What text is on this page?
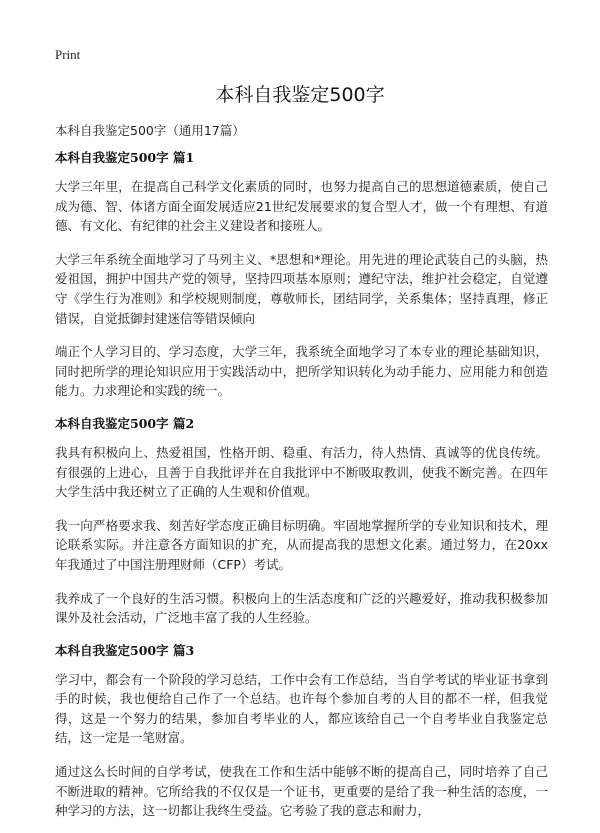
Print
本科自我鉴定500字

本科自我鉴定500字（通用17篇）

本科自我鉴定500字 篇1

大学三年里，在提高自己科学文化素质的同时，也努力提高自己的思想道德素质，使自己成为德、智、体诸方面全面发展适应21世纪发展要求的复合型人才，做一个有理想、有道德、有文化、有纪律的社会主义建设者和接班人。

大学三年系统全面地学习了马列主义、*思想和*理论。用先进的理论武装自己的头脑，热爱祖国，拥护中国共产党的领导，坚持四项基本原则；遵纪守法，维护社会稳定，自觉遵守《学生行为准则》和学校规则制度，尊敬师长，团结同学，关系集体；坚持真理，修正错误，自觉抵御封建迷信等错误倾向

端正个人学习目的、学习态度，大学三年，我系统全面地学习了本专业的理论基础知识，同时把所学的理论知识应用于实践活动中，把所学知识转化为动手能力、应用能力和创造能力。力求理论和实践的统一。

本科自我鉴定500字 篇2

我具有积极向上、热爱祖国，性格开朗、稳重、有活力，待人热情、真诚等的优良传统。有很强的上进心，且善于自我批评并在自我批评中不断吸取教训，使我不断完善。在四年大学生活中我还树立了正确的人生观和价值观。

我一向严格要求我、刻苦好学态度正确目标明确。牢固地掌握所学的专业知识和技术，理论联系实际。并注意各方面知识的扩充，从而提高我的思想文化素。通过努力，在20xx年我通过了中国注册理财师（CFP）考试。

我养成了一个良好的生活习惯。积极向上的生活态度和广泛的兴趣爱好，推动我积极参加课外及社会活动，广泛地丰富了我的人生经验。

本科自我鉴定500字 篇3

学习中，都会有一个阶段的学习总结，工作中会有工作总结，当自学考试的毕业证书拿到手的时候，我也便给自己作了一个总结。也许每个参加自考的人目的都不一样，但我觉得，这是一个努力的结果，参加自考毕业的人，都应该给自己一个自考毕业自我鉴定总结，这一定是一笔财富。

通过这么长时间的自学考试，使我在工作和生活中能够不断的提高自己，同时培养了自己不断进取的精神。它所给我的不仅仅是一个证书，更重要的是给了我一种生活的态度，一种学习的方法，这一切都让我终生受益。它考验了我的意志和耐力，
